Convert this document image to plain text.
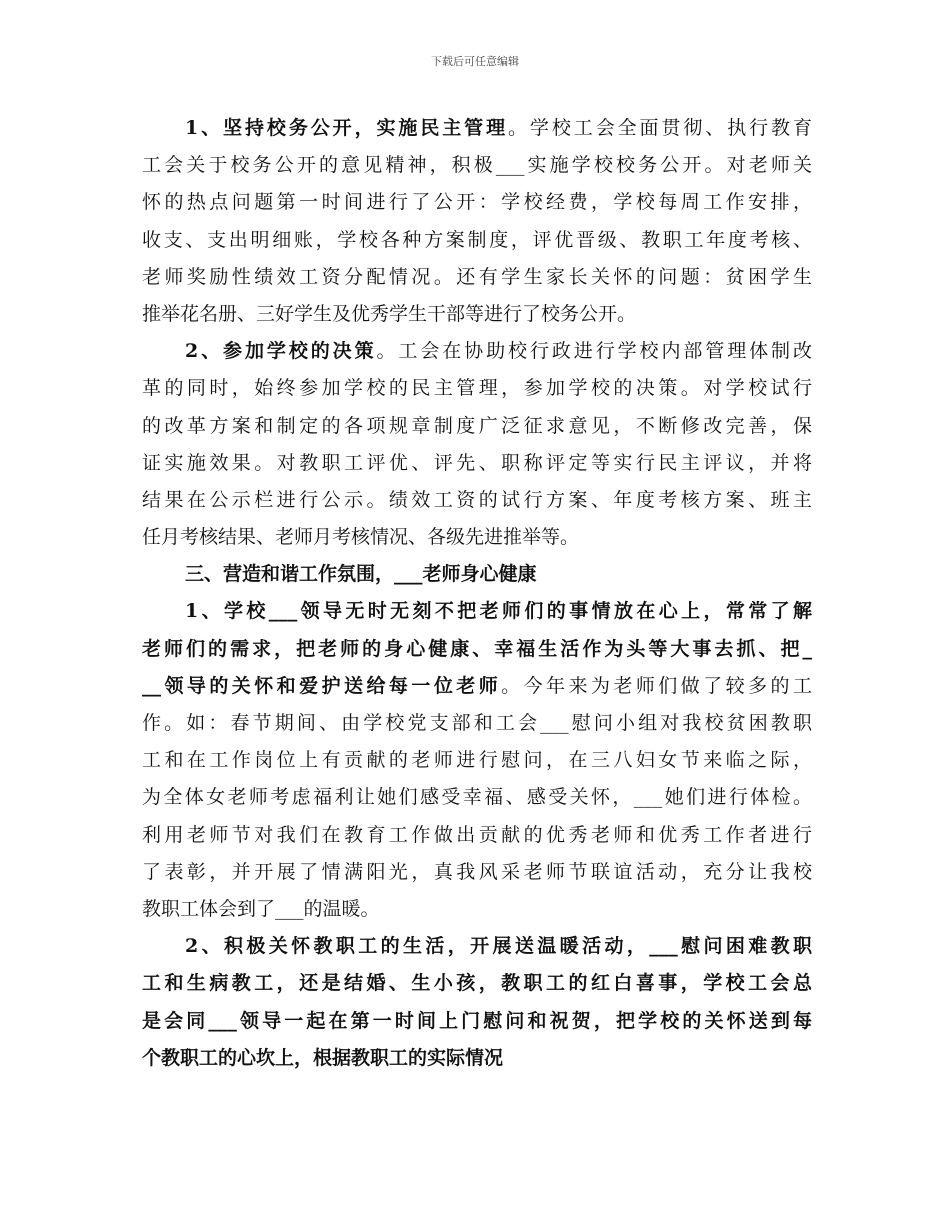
下载后可任意编辑
1、坚持校务公开，实施民主管理。学校工会全面贯彻、执行教育
工会关于校务公开的意见精神，积极___实施学校校务公开。对老师关
怀的热点问题第一时间进行了公开：学校经费，学校每周工作安排，
收支、支出明细账，学校各种方案制度，评优晋级、教职工年度考核、
老师奖励性绩效工资分配情况。还有学生家长关怀的问题：贫困学生
推举花名册、三好学生及优秀学生干部等进行了校务公开。
2、参加学校的决策。工会在协助校行政进行学校内部管理体制改
革的同时，始终参加学校的民主管理，参加学校的决策。对学校试行
的改革方案和制定的各项规章制度广泛征求意见，不断修改完善，保
证实施效果。对教职工评优、评先、职称评定等实行民主评议，并将
结果在公示栏进行公示。绩效工资的试行方案、年度考核方案、班主
任月考核结果、老师月考核情况、各级先进推举等。
三、营造和谐工作氛围，___老师身心健康
1、学校___领导无时无刻不把老师们的事情放在心上，常常了解
老师们的需求，把老师的身心健康、幸福生活作为头等大事去抓、把_
__领导的关怀和爱护送给每一位老师。今年来为老师们做了较多的工
作。如：春节期间、由学校党支部和工会___慰问小组对我校贫困教职
工和在工作岗位上有贡献的老师进行慰问，在三八妇女节来临之际，
为全体女老师考虑福利让她们感受幸福、感受关怀，___她们进行体检。
利用老师节对我们在教育工作做出贡献的优秀老师和优秀工作者进行
了表彰，并开展了情满阳光，真我风采老师节联谊活动，充分让我校
教职工体会到了___的温暖。
2、积极关怀教职工的生活，开展送温暖活动，___慰问困难教职
工和生病教工，还是结婚、生小孩，教职工的红白喜事，学校工会总
是会同___领导一起在第一时间上门慰问和祝贺，把学校的关怀送到每
个教职工的心坎上，根据教职工的实际情况
